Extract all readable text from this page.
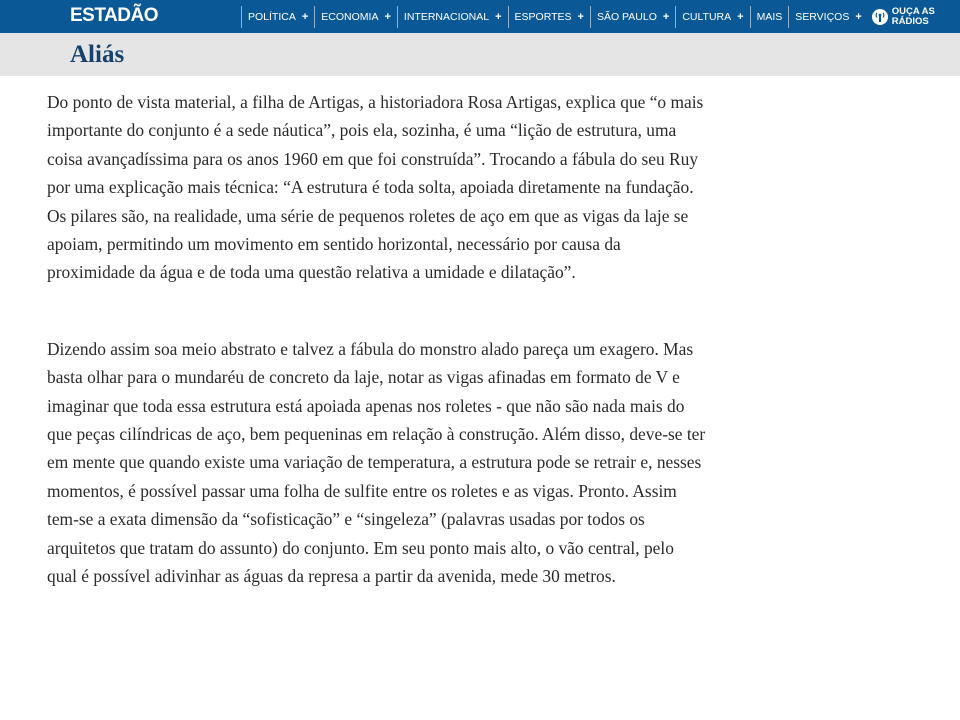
ESTADÃO	POLÍTICA + ECONOMIA + INTERNACIONAL + ESPORTES + SÃO PAULO + CULTURA + MAIS SERVIÇOS +	OUÇA AS
RÁDIOS
Aliás

Do ponto de vista material, a filha de Artigas, a historiadora Rosa Artigas, explica que “o mais importante do conjunto é a sede náutica”, pois ela, sozinha, é uma “lição de estrutura, uma coisa avançadíssima para os anos 1960 em que foi construída”. Trocando a fábula do seu Ruy por uma explicação mais técnica: “A estrutura é toda solta, apoiada diretamente na fundação. Os pilares são, na realidade, uma série de pequenos roletes de aço em que as vigas da laje se apoiam, permitindo um movimento em sentido horizontal, necessário por causa da proximidade da água e de toda uma questão relativa a umidade e dilatação”.

Dizendo assim soa meio abstrato e talvez a fábula do monstro alado pareça um exagero. Mas basta olhar para o mundaréu de concreto da laje, notar as vigas afinadas em formato de V e imaginar que toda essa estrutura está apoiada apenas nos roletes - que não são nada mais do que peças cilíndricas de aço, bem pequeninas em relação à construção. Além disso, deve-se ter em mente que quando existe uma variação de temperatura, a estrutura pode se retrair e, nesses momentos, é possível passar uma folha de sulfite entre os roletes e as vigas. Pronto. Assim tem-se a exata dimensão da “sofisticação” e “singeleza” (palavras usadas por todos os arquitetos que tratam do assunto) do conjunto. Em seu ponto mais alto, o vão central, pelo qual é possível adivinhar as águas da represa a partir da avenida, mede 30 metros.
